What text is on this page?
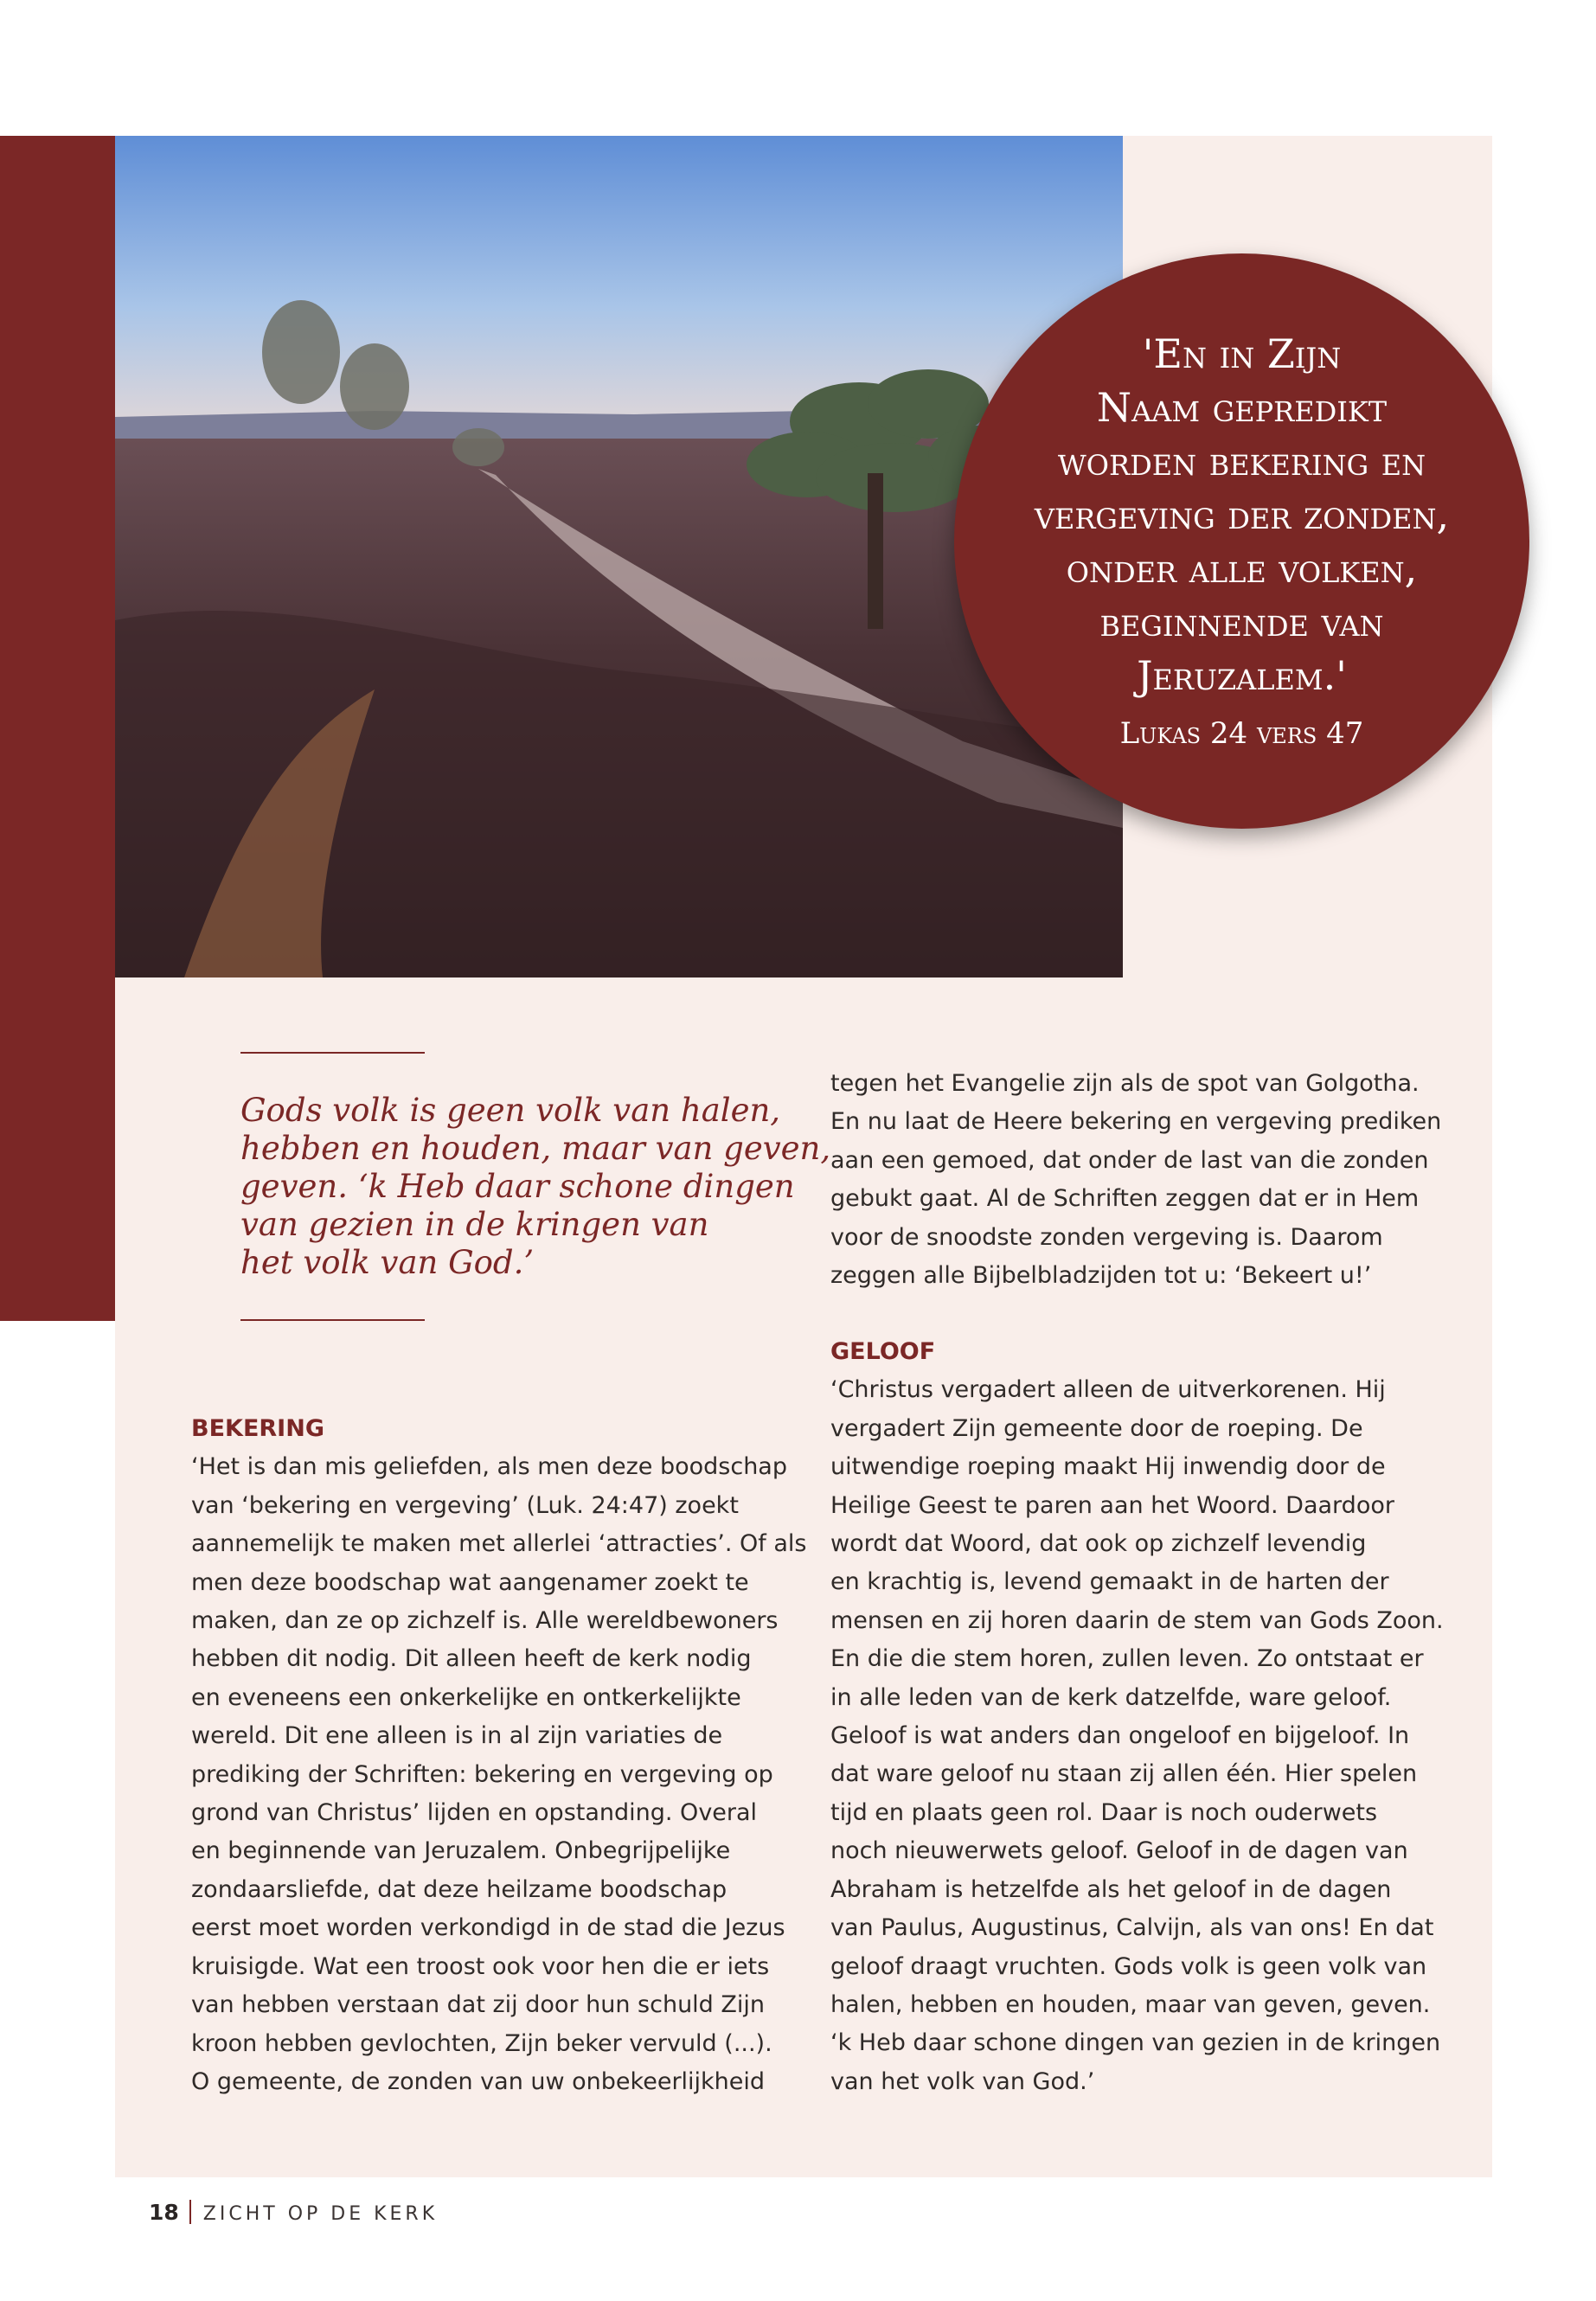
'En in Zijn
Naam gepredikt
worden bekering en
vergeving der zonden,
onder alle volken,
beginnende van
Jeruzalem.'
Lukas 24 vers 47
Gods volk is geen volk van halen,
hebben en houden, maar van geven,
geven. ‘k Heb daar schone dingen
van gezien in de kringen van
het volk van God.’
BEKERING
‘Het is dan mis geliefden, als men deze boodschap
van ‘bekering en vergeving’ (Luk. 24:47) zoekt
aannemelijk te maken met allerlei ‘attracties’. Of als
men deze boodschap wat aangenamer zoekt te
maken, dan ze op zichzelf is. Alle wereldbewoners
hebben dit nodig. Dit alleen heeft de kerk nodig
en eveneens een onkerkelijke en ontkerkelijkte
wereld. Dit ene alleen is in al zijn variaties de
prediking der Schriften: bekering en vergeving op
grond van Christus’ lijden en opstanding. Overal
en beginnende van Jeruzalem. Onbegrijpelijke
zondaarsliefde, dat deze heilzame boodschap
eerst moet worden verkondigd in de stad die Jezus
kruisigde. Wat een troost ook voor hen die er iets
van hebben verstaan dat zij door hun schuld Zijn
kroon hebben gevlochten, Zijn beker vervuld (...).
O gemeente, de zonden van uw onbekeerlijkheid
tegen het Evangelie zijn als de spot van Golgotha.
En nu laat de Heere bekering en vergeving prediken
aan een gemoed, dat onder de last van die zonden
gebukt gaat. Al de Schriften zeggen dat er in Hem
voor de snoodste zonden vergeving is. Daarom
zeggen alle Bijbelbladzijden tot u: ‘Bekeert u!’
GELOOF
‘Christus vergadert alleen de uitverkorenen. Hij
vergadert Zijn gemeente door de roeping. De
uitwendige roeping maakt Hij inwendig door de
Heilige Geest te paren aan het Woord. Daardoor
wordt dat Woord, dat ook op zichzelf levendig
en krachtig is, levend gemaakt in de harten der
mensen en zij horen daarin de stem van Gods Zoon.
En die die stem horen, zullen leven. Zo ontstaat er
in alle leden van de kerk datzelfde, ware geloof.
Geloof is wat anders dan ongeloof en bijgeloof. In
dat ware geloof nu staan zij allen één. Hier spelen
tijd en plaats geen rol. Daar is noch ouderwets
noch nieuwerwets geloof. Geloof in de dagen van
Abraham is hetzelfde als het geloof in de dagen
van Paulus, Augustinus, Calvijn, als van ons! En dat
geloof draagt vruchten. Gods volk is geen volk van
halen, hebben en houden, maar van geven, geven.
‘k Heb daar schone dingen van gezien in de kringen
van het volk van God.’
18 ZICHT OP DE KERK
